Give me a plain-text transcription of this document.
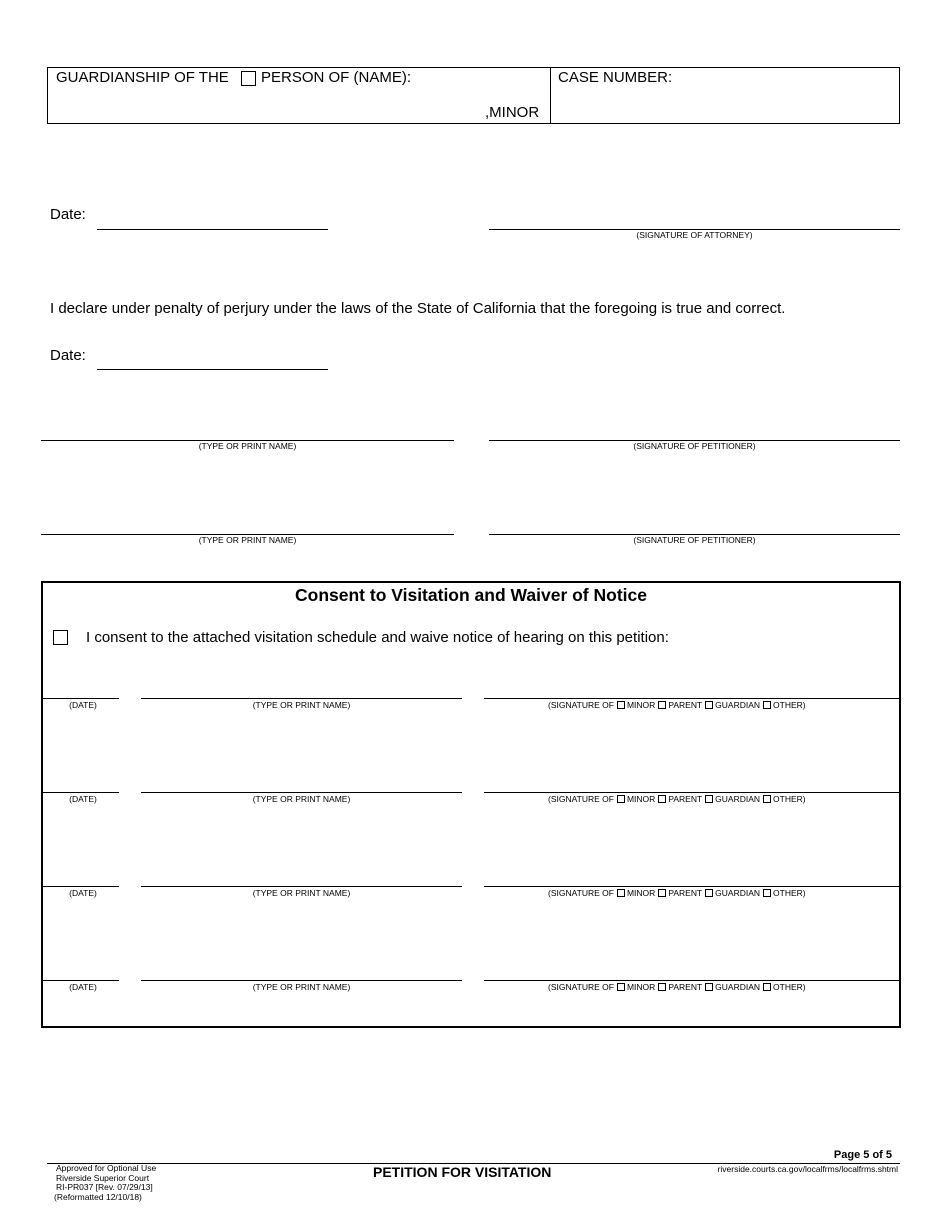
GUARDIANSHIP OF THE PERSON OF (NAME):
,MINOR
CASE NUMBER:
Date:
(SIGNATURE OF ATTORNEY)
I declare under penalty of perjury under the laws of the State of California that the foregoing is true and correct.
Date:
(TYPE OR PRINT NAME)	(SIGNATURE OF PETITIONER)
(TYPE OR PRINT NAME)	(SIGNATURE OF PETITIONER)
Consent to Visitation and Waiver of Notice
I consent to the attached visitation schedule and waive notice of hearing on this petition:
(DATE)	(TYPE OR PRINT NAME)	(SIGNATURE OF MINOR PARENT GUARDIAN OTHER)
(DATE)	(TYPE OR PRINT NAME)	(SIGNATURE OF MINOR PARENT GUARDIAN OTHER)
(DATE)	(TYPE OR PRINT NAME)	(SIGNATURE OF MINOR PARENT GUARDIAN OTHER)
(DATE)	(TYPE OR PRINT NAME)	(SIGNATURE OF MINOR PARENT GUARDIAN OTHER)
Page 5 of 5
Approved for Optional Use
Riverside Superior Court
RI-PR037 [Rev. 07/29/13]
(Reformatted 12/10/18)
PETITION FOR VISITATION	riverside.courts.ca.gov/localfrms/localfrms.shtml
